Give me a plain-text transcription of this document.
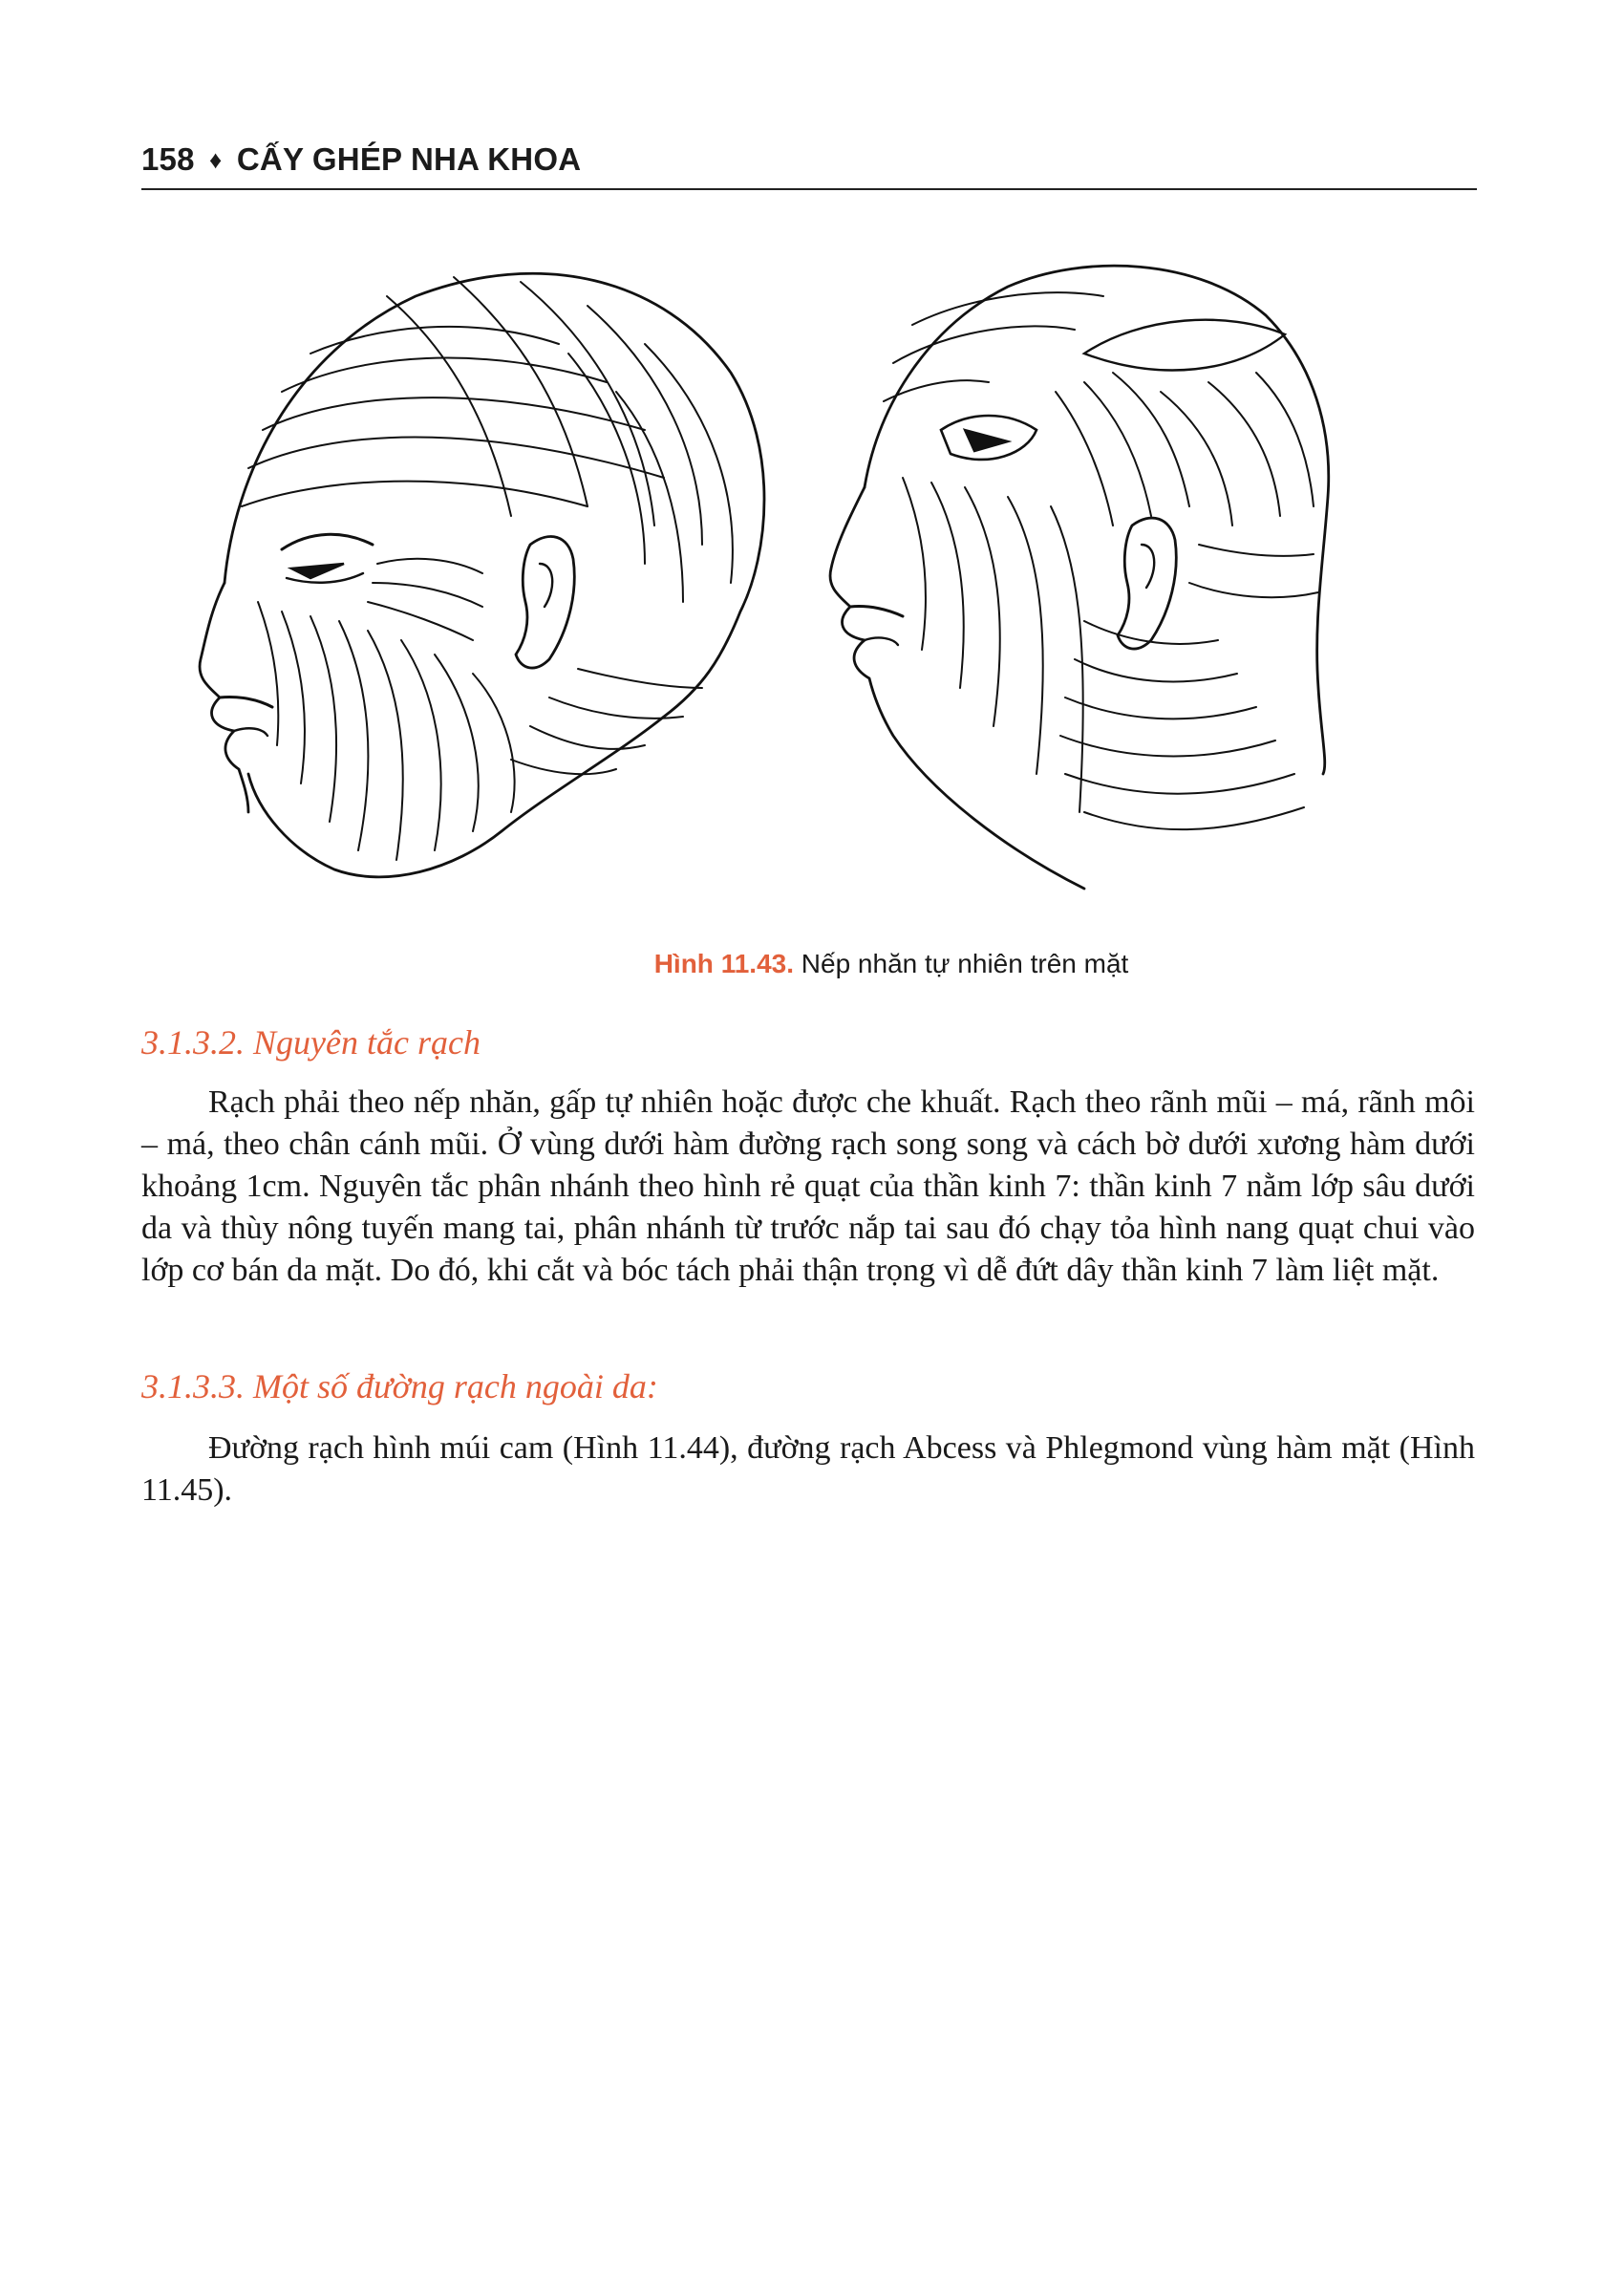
158 ♦ CẤY GHÉP NHA KHOA
Hình 11.43. Nếp nhăn tự nhiên trên mặt
3.1.3.2. Nguyên tắc rạch

Rạch phải theo nếp nhăn, gấp tự nhiên hoặc được che khuất. Rạch theo rãnh mũi – má, rãnh môi – má, theo chân cánh mũi. Ở vùng dưới hàm đường rạch song song và cách bờ dưới xương hàm dưới khoảng 1cm. Nguyên tắc phân nhánh theo hình rẻ quạt của thần kinh 7: thần kinh 7 nằm lớp sâu dưới da và thùy nông tuyến mang tai, phân nhánh từ trước nắp tai sau đó chạy tỏa hình nang quạt chui vào lớp cơ bán da mặt. Do đó, khi cắt và bóc tách phải thận trọng vì dễ đứt dây thần kinh 7 làm liệt mặt.

3.1.3.3. Một số đường rạch ngoài da:

Đường rạch hình múi cam (Hình 11.44), đường rạch Abcess và Phlegmond vùng hàm mặt (Hình 11.45).
